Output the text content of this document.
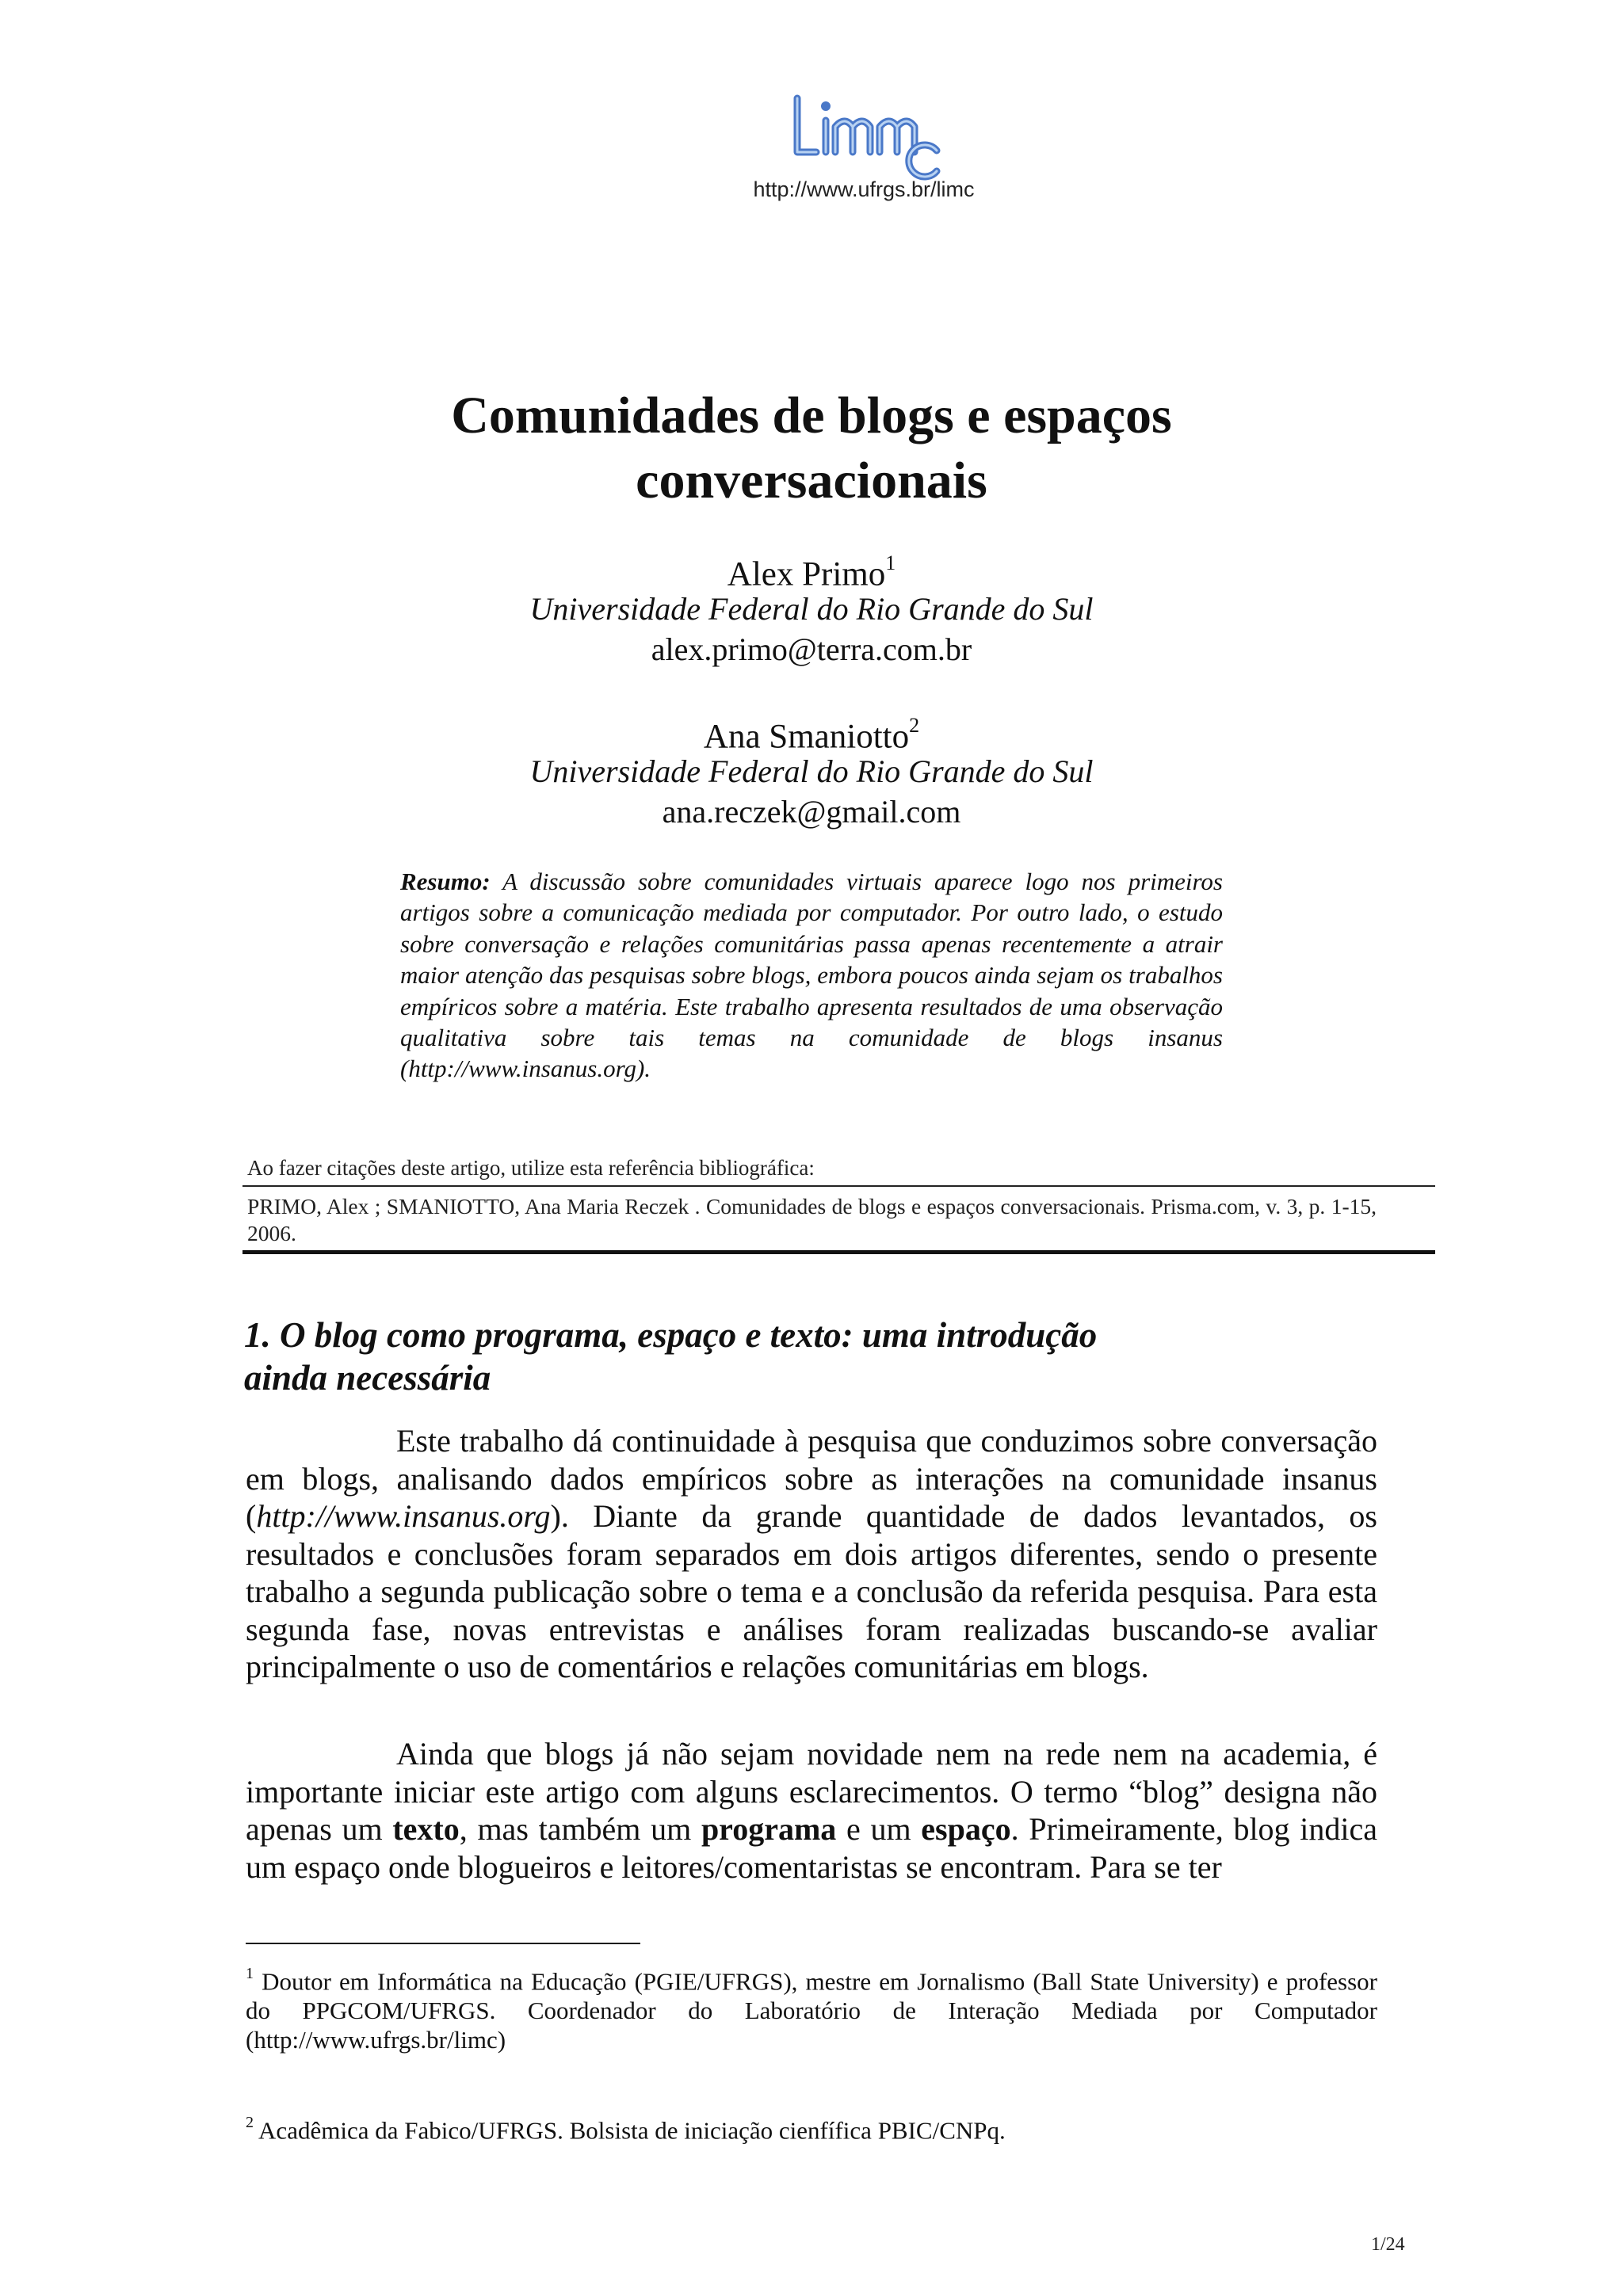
http://www.ufrgs.br/limc
Comunidades de blogs e espaços
conversacionais
Alex Primo$^1$
Universidade Federal do Rio Grande do Sul
alex.primo@terra.com.br
Ana Smaniotto$^2$
Universidade Federal do Rio Grande do Sul
ana.reczek@gmail.com
Resumo: A discussão sobre comunidades virtuais aparece logo nos primeiros artigos sobre a comunicação mediada por computador. Por outro lado, o estudo sobre conversação e relações comunitárias passa apenas recentemente a atrair maior atenção das pesquisas sobre blogs, embora poucos ainda sejam os trabalhos empíricos sobre a matéria. Este trabalho apresenta resultados de uma observação qualitativa sobre tais temas na comunidade de blogs insanus (http://www.insanus.org).
Ao fazer citações deste artigo, utilize esta referência bibliográfica:
PRIMO, Alex ; SMANIOTTO, Ana Maria Reczek . Comunidades de blogs e espaços conversacionais. Prisma.com, v. 3, p. 1-15, 2006.
1. O blog como programa, espaço e texto: uma introdução
ainda necessária
Este trabalho dá continuidade à pesquisa que conduzimos sobre conversação em blogs, analisando dados empíricos sobre as interações na comunidade insanus (http://www.insanus.org). Diante da grande quantidade de dados levantados, os resultados e conclusões foram separados em dois artigos diferentes, sendo o presente trabalho a segunda publicação sobre o tema e a conclusão da referida pesquisa. Para esta segunda fase, novas entrevistas e análises foram realizadas buscando-se avaliar principalmente o uso de comentários e relações comunitárias em blogs.
Ainda que blogs já não sejam novidade nem na rede nem na academia, é importante iniciar este artigo com alguns esclarecimentos. O termo “blog” designa não apenas um texto, mas também um programa e um espaço. Primeiramente, blog indica um espaço onde blogueiros e leitores/comentaristas se encontram. Para se ter
$^1$ Doutor em Informática na Educação (PGIE/UFRGS), mestre em Jornalismo (Ball State University) e professor do PPGCOM/UFRGS. Coordenador do Laboratório de Interação Mediada por Computador (http://www.ufrgs.br/limc)
$^2$ Acadêmica da Fabico/UFRGS. Bolsista de iniciação cienfífica PBIC/CNPq.
1/24
